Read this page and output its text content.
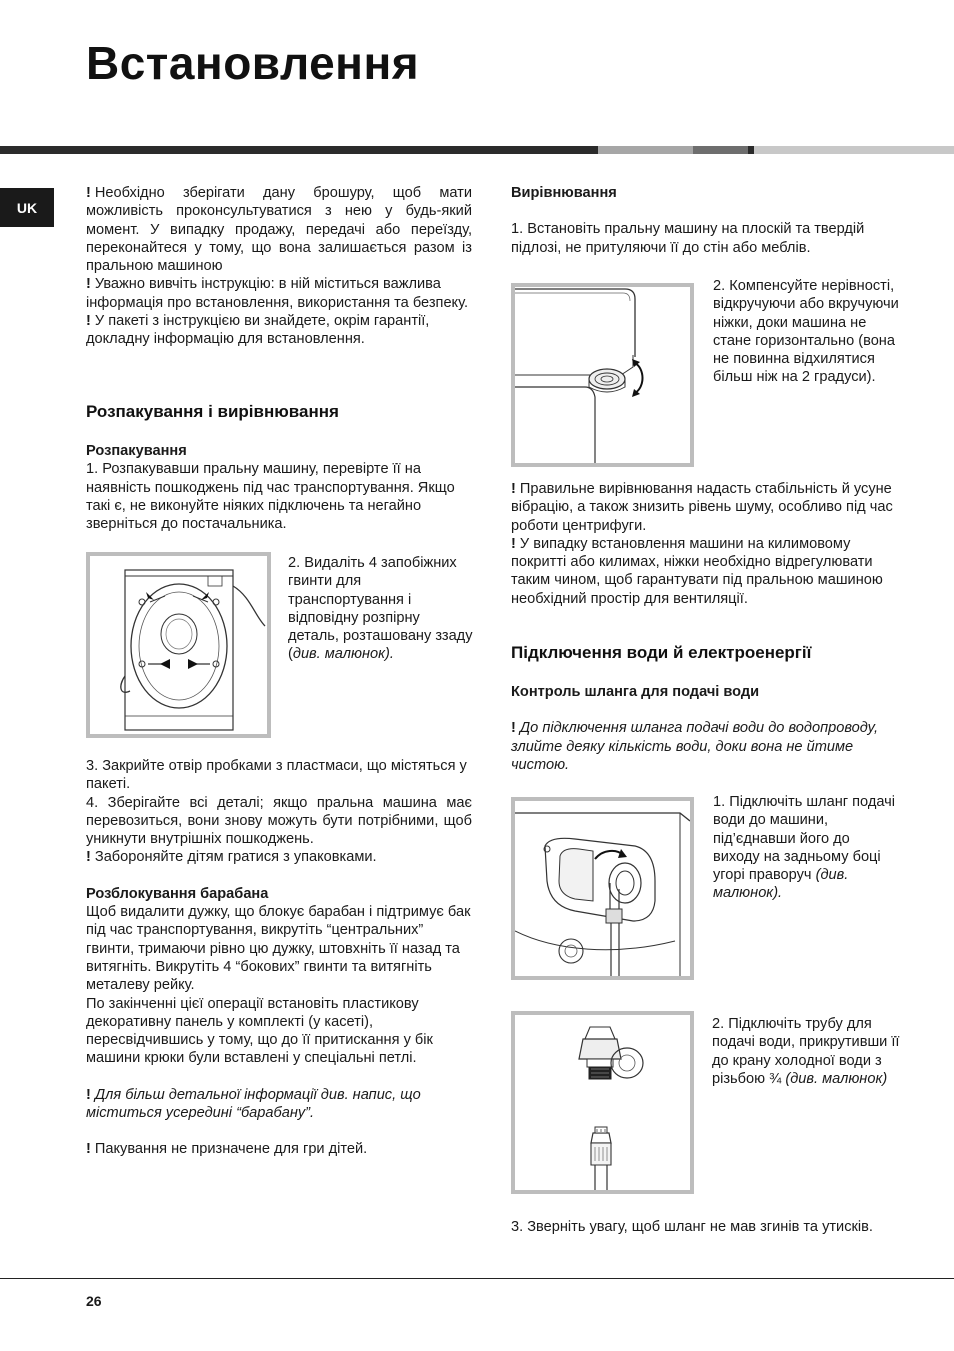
Встановлення
UK

! Необхідно зберігати дану брошуру, щоб мати можливість проконсультуватися з нею у будь-який момент. У випадку продажу, передачі або переїзду, переконайтеся у тому, що вона залишається разом із пральною машиною

! Уважно вивчіть інструкцію: в ній міститься важлива інформація про встановлення, використання та безпеку.

! У пакеті з інструкцією ви знайдете, окрім гарантії, докладну інформацію для встановлення.

Розпакування і вирівнювання

Розпакування

1. Розпакувавши пральну машину, перевірте її на наявність пошкоджень під час транспортування. Якщо такі є, не виконуйте ніяких підключень та негайно зверніться до постачальника.

2. Видаліть 4 запобіжних гвинти для транспортування і відповідну розпірну деталь, розташовану ззаду (див. малюнок).

3. Закрийте отвір пробками з пластмаси, що містяться у пакеті.

4. Зберігайте всі деталі; якщо пральна машина має перевозиться, вони знову можуть бути потрібними, щоб уникнути внутрішніх пошкоджень.

! Забороняйте дітям гратися з упаковками.

Розблокування барабана

Щоб видалити дужку, що блокує барабан і підтримує бак під час транспортування, викрутіть “центральних” гвинти, тримаючи рівно цю дужку, штовхніть її назад та витягніть. Викрутіть 4 “бокових” гвинти та витягніть металеву рейку.

По закінченні цієї операції встановіть пластикову декоративну панель у комплекті (у касеті), пересвідчившись у тому, що до її притискання у бік машини крюки були вставлені у спеціальні петлі.

! Для більш детальної інформації див. напис, що міститься усередині “барабану”.

! Пакування не призначене для гри дітей.

Вирівнювання

1. Встановіть пральну машину на плоскій та твердій підлозі, не притуляючи її до стін або меблів.

2. Компенсуйте нерівності, відкручуючи або вкручуючи ніжки, доки машина не стане горизонтально (вона не повинна відхилятися більш ніж на 2 градуси).

! Правильне вирівнювання надасть стабільність й усуне вібрацію, а також знизить рівень шуму, особливо під час роботи центрифуги.

! У випадку встановлення машини на килимовому покритті або килимах, ніжки необхідно відрегулювати таким чином, щоб гарантувати під пральною машиною необхідний простір для вентиляції.

Підключення води й електроенергії

Контроль шланга для подачі води

! До підключення шланга подачі води до водопроводу, злийте деяку кількість води, доки вона не йтиме чистою.

1. Підключіть шланг подачі води до машини, під’єднавши його до виходу на задньому боці угорі праворуч (див. малюнок).

2. Підключіть трубу для подачі води, прикрутивши її до крану холодної води з різьбою ¾ (див. малюнок)

3. Зверніть увагу, щоб шланг не мав згинів та утисків.

26
